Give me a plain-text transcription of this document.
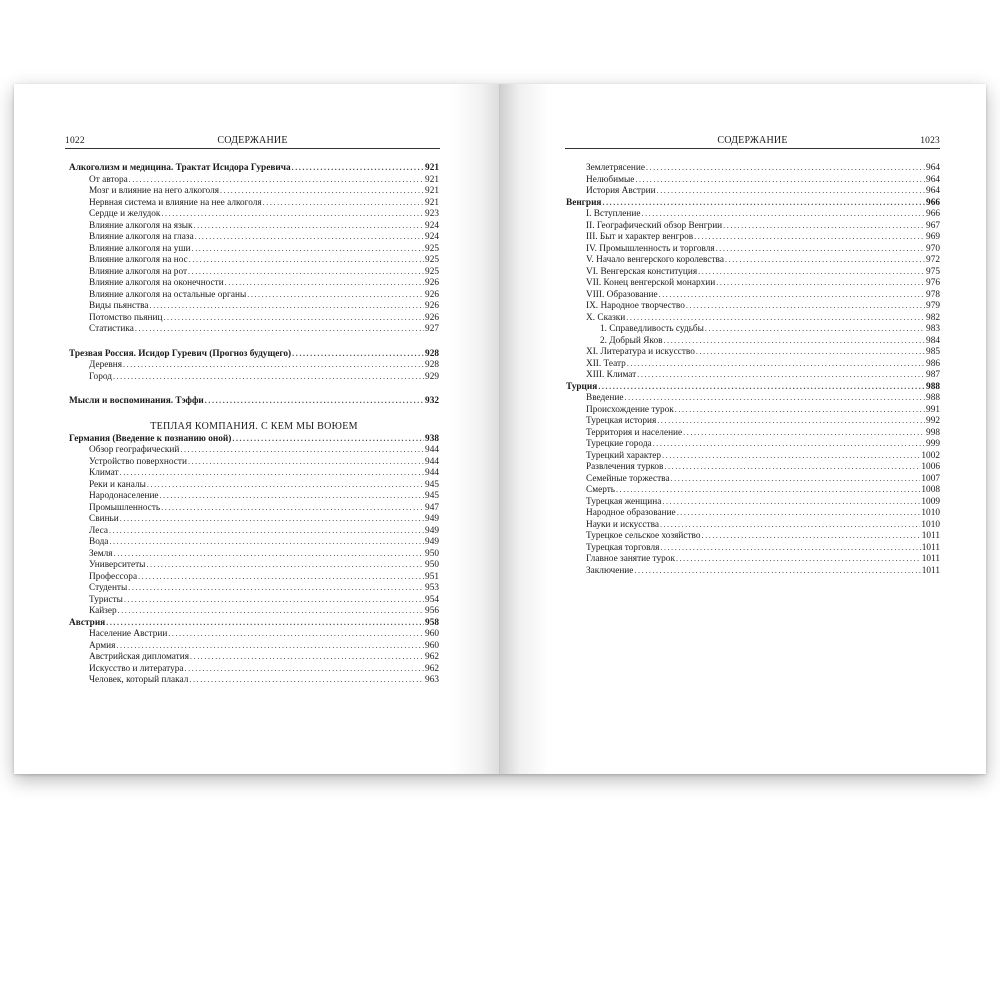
1022	СОДЕРЖАНИЕ
Алкоголизм и медицина. Трактат Исидора Гуревича .....	921
От автора .....	921
Мозг и влияние на него алкоголя .....	921
Нервная система и влияние на нее алкоголя .....	921
Сердце и желудок .....	923
Влияние алкоголя на язык .....	924
Влияние алкоголя на глаза .....	924
Влияние алкоголя на уши .....	925
Влияние алкоголя на нос .....	925
Влияние алкоголя на рот .....	925
Влияние алкоголя на оконечности .....	926
Влияние алкоголя на остальные органы .....	926
Виды пьянства .....	926
Потомство пьяниц .....	926
Статистика .....	927
Трезвая Россия. Исидор Гуревич (Прогноз будущего) .....	928
Деревня .....	928
Город .....	929
Мысли и воспоминания. Тэффи .....	932
ТЕПЛАЯ КОМПАНИЯ. С КЕМ МЫ ВОЮЕМ
Германия (Введение к познанию оной) .....	938
Обзор географический .....	944
Устройство поверхности .....	944
Климат .....	944
Реки и каналы .....	945
Народонаселение .....	945
Промышленность .....	947
Свиньи .....	949
Леса .....	949
Вода .....	949
Земля .....	950
Университеты .....	950
Профессора .....	951
Студенты .....	953
Туристы .....	954
Кайзер .....	956
Австрия .....	958
Население Австрии .....	960
Армия .....	960
Австрийская дипломатия .....	962
Искусство и литература .....	962
Человек, который плакал .....	963
СОДЕРЖАНИЕ	1023
Землетрясение .....	964
Нелюбимые .....	964
История Австрии .....	964
Венгрия .....	966
I. Вступление .....	966
II. Географический обзор Венгрии .....	967
III. Быт и характер венгров .....	969
IV. Промышленность и торговля .....	970
V. Начало венгерского королевства .....	972
VI. Венгерская конституция .....	975
VII. Конец венгерской монархии .....	976
VIII. Образование .....	978
IX. Народное творчество .....	979
X. Сказки .....	982
1. Справедливость судьбы .....	983
2. Добрый Яков .....	984
XI. Литература и искусство .....	985
XII. Театр .....	986
XIII. Климат .....	987
Турция .....	988
Введение .....	988
Происхождение турок .....	991
Турецкая история .....	992
Территория и население .....	998
Турецкие города .....	999
Турецкий характер .....	1002
Развлечения турков .....	1006
Семейные торжества .....	1007
Смерть .....	1008
Турецкая женщина .....	1009
Народное образование .....	1010
Науки и искусства .....	1010
Турецкое сельское хозяйство .....	1011
Турецкая торговля .....	1011
Главное занятие турок .....	1011
Заключение .....	1011
